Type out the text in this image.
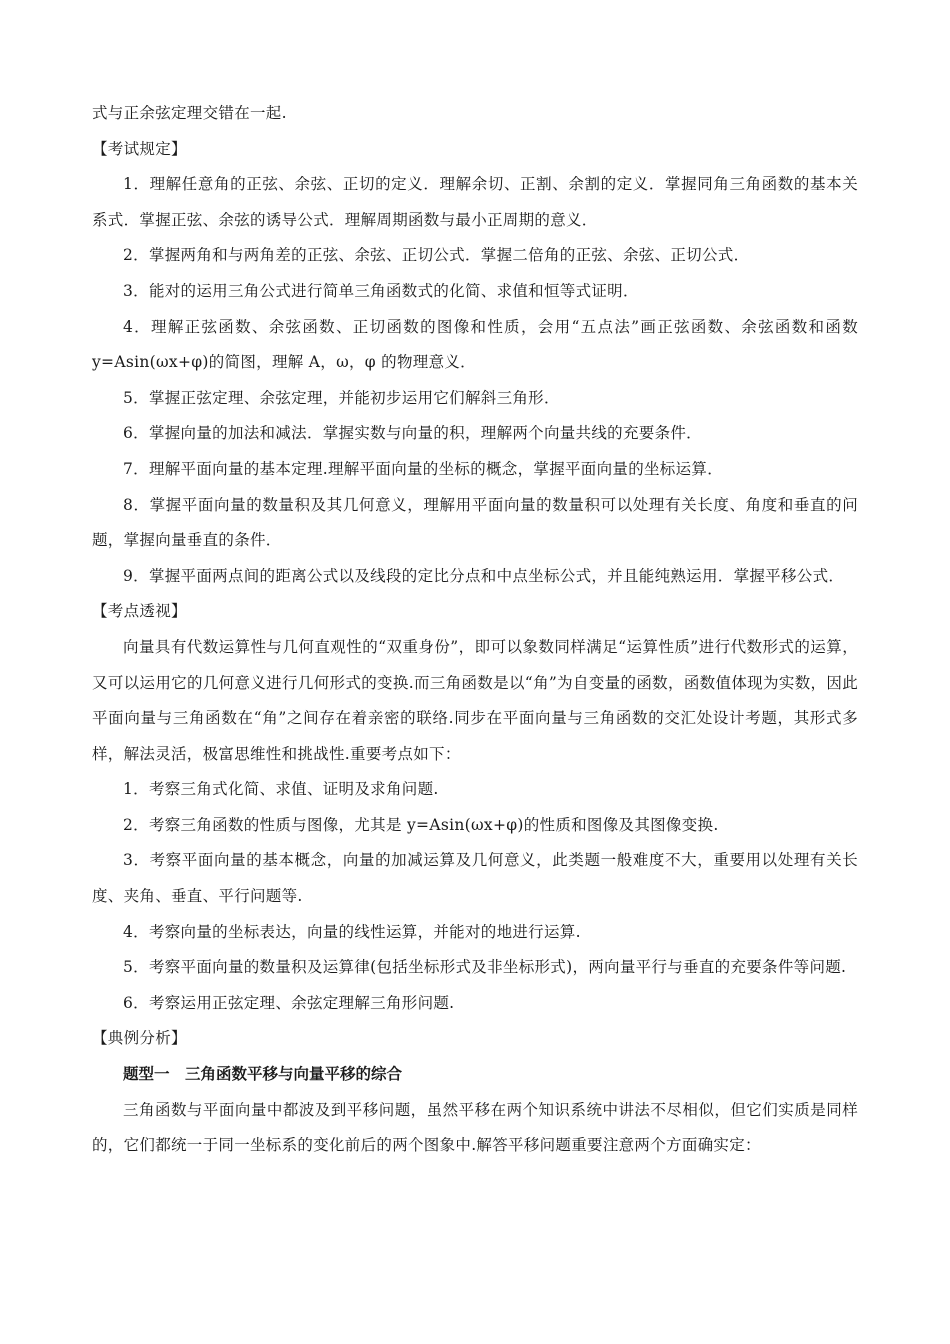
式与正余弦定理交错在一起.
【考试规定】
1．理解任意角的正弦、余弦、正切的定义．理解余切、正割、余割的定义．掌握同角三角函数的基本关系式．掌握正弦、余弦的诱导公式．理解周期函数与最小正周期的意义．
2．掌握两角和与两角差的正弦、余弦、正切公式．掌握二倍角的正弦、余弦、正切公式．
3．能对的运用三角公式进行简单三角函数式的化简、求值和恒等式证明．
4．理解正弦函数、余弦函数、正切函数的图像和性质，会用“五点法”画正弦函数、余弦函数和函数 y=Asin(ωx+φ)的简图，理解 A，ω，φ 的物理意义．
5．掌握正弦定理、余弦定理，并能初步运用它们解斜三角形．
6．掌握向量的加法和减法．掌握实数与向量的积，理解两个向量共线的充要条件．
7．理解平面向量的基本定理.理解平面向量的坐标的概念，掌握平面向量的坐标运算．
8．掌握平面向量的数量积及其几何意义，理解用平面向量的数量积可以处理有关长度、角度和垂直的问题，掌握向量垂直的条件．
9．掌握平面两点间的距离公式以及线段的定比分点和中点坐标公式，并且能纯熟运用．掌握平移公式．
【考点透视】
向量具有代数运算性与几何直观性的“双重身份”，即可以象数同样满足“运算性质”进行代数形式的运算，又可以运用它的几何意义进行几何形式的变换.而三角函数是以“角”为自变量的函数，函数值体现为实数，因此平面向量与三角函数在“角”之间存在着亲密的联络.同步在平面向量与三角函数的交汇处设计考题，其形式多样，解法灵活，极富思维性和挑战性.重要考点如下：
1．考察三角式化简、求值、证明及求角问题.
2．考察三角函数的性质与图像，尤其是 y=Asin(ωx+φ)的性质和图像及其图像变换.
3．考察平面向量的基本概念，向量的加减运算及几何意义，此类题一般难度不大，重要用以处理有关长度、夹角、垂直、平行问题等.
4．考察向量的坐标表达，向量的线性运算，并能对的地进行运算.
5．考察平面向量的数量积及运算律(包括坐标形式及非坐标形式)，两向量平行与垂直的充要条件等问题.
6．考察运用正弦定理、余弦定理解三角形问题.
【典例分析】
题型一　三角函数平移与向量平移的综合
三角函数与平面向量中都波及到平移问题，虽然平移在两个知识系统中讲法不尽相似，但它们实质是同样的，它们都统一于同一坐标系的变化前后的两个图象中.解答平移问题重要注意两个方面确实定：
